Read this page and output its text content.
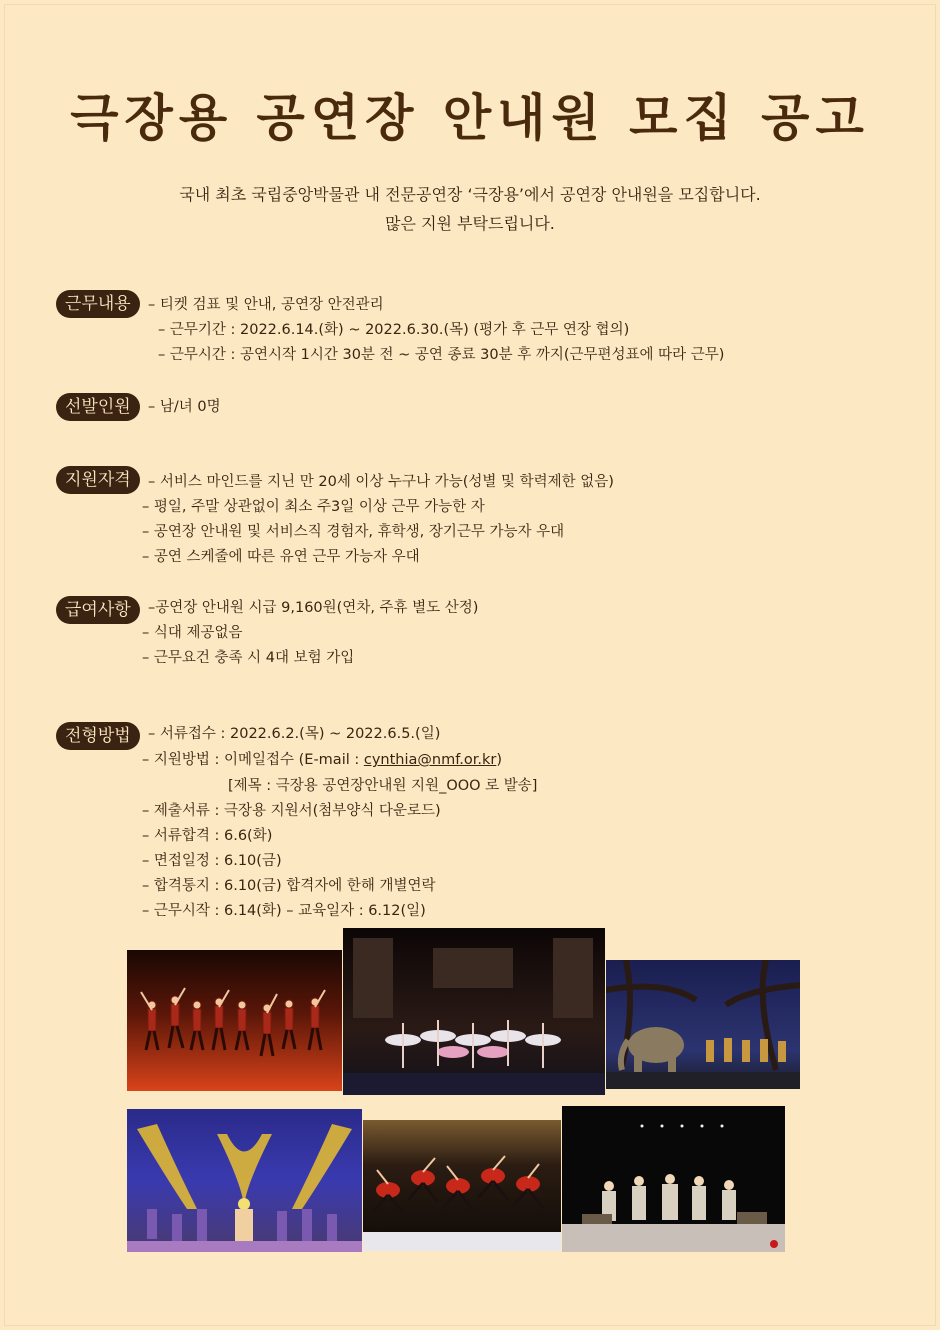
극장용 공연장 안내원 모집 공고
국내 최초 국립중앙박물관 내 전문공연장 ‘극장용’에서 공연장 안내원을 모집합니다.
많은 지원 부탁드립니다.
근무내용	– 티켓 검표 및 안내, 공연장 안전관리
– 근무기간 : 2022.6.14.(화) ~ 2022.6.30.(목) (평가 후 근무 연장 협의)
– 근무시간 : 공연시작 1시간 30분 전 ~ 공연 종료 30분 후 까지(근무편성표에 따라 근무)
선발인원	– 남/녀 0명
지원자격	– 서비스 마인드를 지닌 만 20세 이상 누구나 가능(성별 및 학력제한 없음)
– 평일, 주말 상관없이 최소 주3일 이상 근무 가능한 자
– 공연장 안내원 및 서비스직 경험자, 휴학생, 장기근무 가능자 우대
– 공연 스케줄에 따른 유연 근무 가능자 우대
급여사항	–공연장 안내원 시급 9,160원(연차, 주휴 별도 산정)
– 식대 제공없음
– 근무요건 충족 시 4대 보험 가입
전형방법	– 서류접수 : 2022.6.2.(목) ~ 2022.6.5.(일)
– 지원방법 : 이메일접수 (E-mail : cynthia@nmf.or.kr)
[제목 : 극장용 공연장안내원 지원_OOO 로 발송]
– 제출서류 : 극장용 지원서(첨부양식 다운로드)
– 서류합격 : 6.6(화)
– 면접일정 : 6.10(금)
– 합격통지 : 6.10(금) 합격자에 한해 개별연락
– 근무시작 : 6.14(화) – 교육일자 : 6.12(일)
